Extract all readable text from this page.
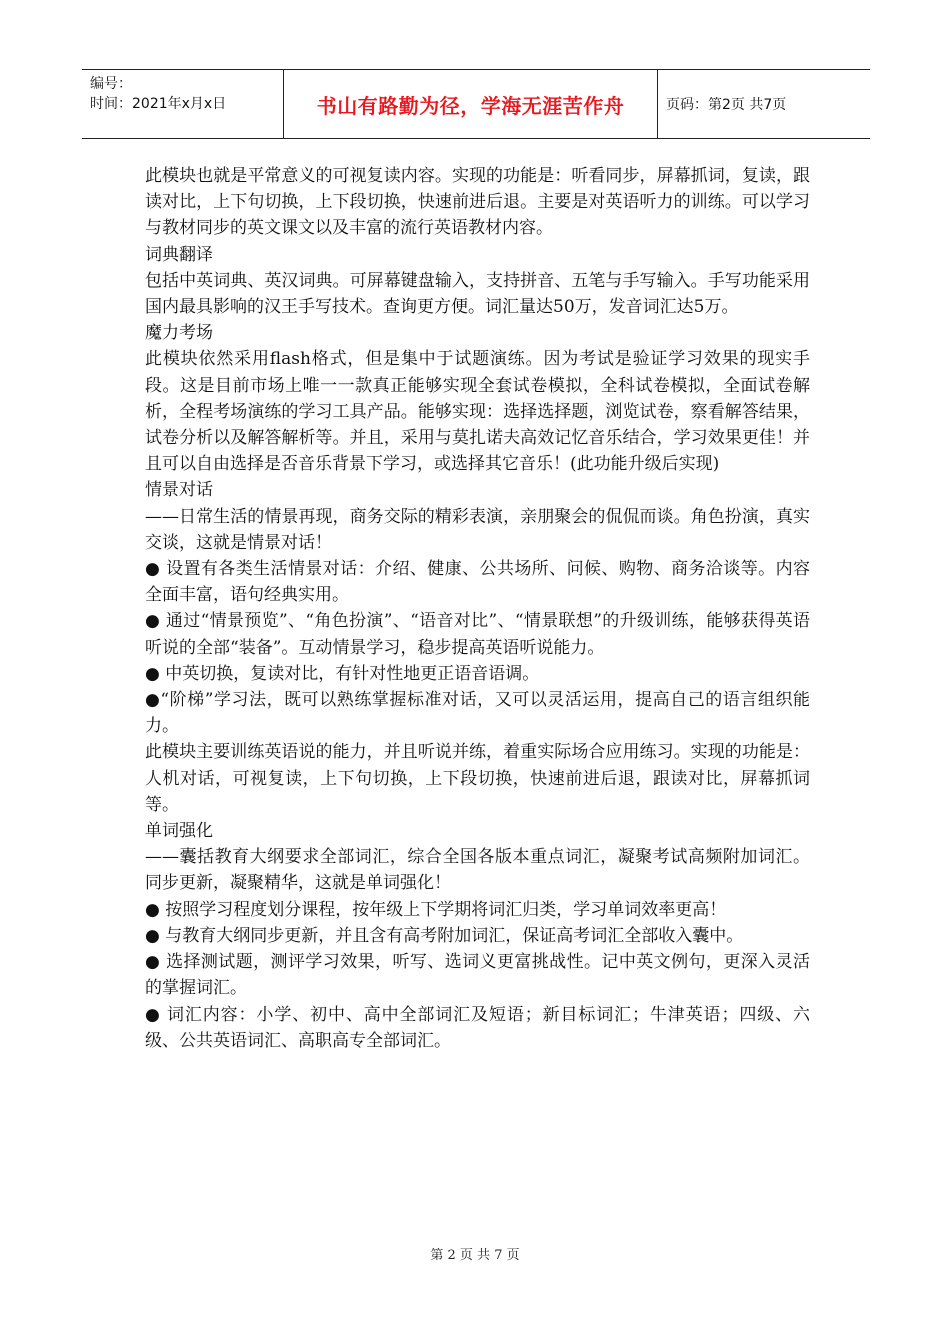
编号：
时间：2021年x月x日	书山有路勤为径，学海无涯苦作舟	页码：第2页 共7页

此模块也就是平常意义的可视复读内容。实现的功能是：听看同步，屏幕抓词，复读，跟读对比，上下句切换，上下段切换，快速前进后退。主要是对英语听力的训练。可以学习与教材同步的英文课文以及丰富的流行英语教材内容。

词典翻译

包括中英词典、英汉词典。可屏幕键盘输入，支持拼音、五笔与手写输入。手写功能采用国内最具影响的汉王手写技术。查询更方便。词汇量达50万，发音词汇达5万。

魔力考场

此模块依然采用flash格式，但是集中于试题演练。因为考试是验证学习效果的现实手段。这是目前市场上唯一一款真正能够实现全套试卷模拟，全科试卷模拟，全面试卷解析，全程考场演练的学习工具产品。能够实现：选择选择题，浏览试卷，察看解答结果，试卷分析以及解答解析等。并且，采用与莫扎诺夫高效记忆音乐结合，学习效果更佳！并且可以自由选择是否音乐背景下学习，或选择其它音乐！(此功能升级后实现)

情景对话

——日常生活的情景再现，商务交际的精彩表演，亲朋聚会的侃侃而谈。角色扮演，真实交谈，这就是情景对话！

● 设置有各类生活情景对话：介绍、健康、公共场所、问候、购物、商务洽谈等。内容全面丰富，语句经典实用。

● 通过“情景预览”、“角色扮演”、“语音对比”、“情景联想”的升级训练，能够获得英语听说的全部“装备”。互动情景学习，稳步提高英语听说能力。

● 中英切换，复读对比，有针对性地更正语音语调。

●“阶梯”学习法，既可以熟练掌握标准对话，又可以灵活运用，提高自己的语言组织能力。

此模块主要训练英语说的能力，并且听说并练，着重实际场合应用练习。实现的功能是：人机对话，可视复读，上下句切换，上下段切换，快速前进后退，跟读对比，屏幕抓词等。

单词强化

——囊括教育大纲要求全部词汇，综合全国各版本重点词汇，凝聚考试高频附加词汇。 同步更新，凝聚精华，这就是单词强化！

● 按照学习程度划分课程，按年级上下学期将词汇归类，学习单词效率更高！

● 与教育大纲同步更新，并且含有高考附加词汇，保证高考词汇全部收入囊中。

● 选择测试题，测评学习效果，听写、选词义更富挑战性。记中英文例句，更深入灵活的掌握词汇。

● 词汇内容：小学、初中、高中全部词汇及短语；新目标词汇；牛津英语；四级、六级、公共英语词汇、高职高专全部词汇。

第 2 页 共 7 页
